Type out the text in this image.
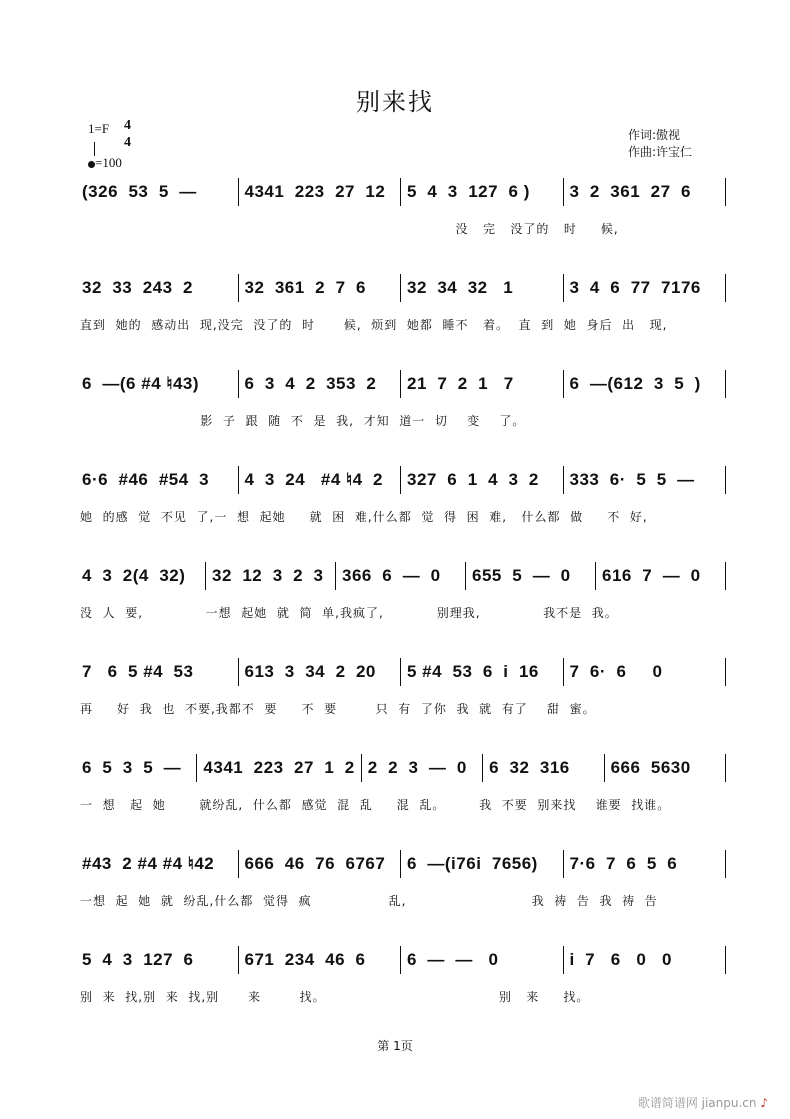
别来找
1=F	4
4
=100
作词:傲视
作曲:许宝仁
(326  53  5  —	4341  223  27  12	5  4  3  127  6 )	3  2  361  27  6
没   完   没了的   时     候,
32  33  243  2	32  361  2  7  6	32  34  32   1	3  4  6  77  7176
直到  她的  感动出  现,没完  没了的  时      候,  烦到  她都  睡不   着。  直  到  她  身后  出   现,
6  —(6 #4 ♮43)	6  3  4  2  353  2	21  7  2  1   7	6  —(612  3  5  )
影  子  跟  随  不  是  我,  才知  道一  切    变    了。
6·6  #46  #54  3	4  3  24   #4 ♮4  2	327  6  1  4  3  2	333  6·  5  5  —
她  的感  觉  不见  了,一  想  起她     就  困  难,什么都  觉  得  困  难,   什么都  做     不  好,
4  3  2(4  32)	32  12  3  2  3	366  6  —  0	655  5  —  0	616  7  —  0
没  人  要,             一想  起她  就  简  单,我疯了,           别理我,             我不是  我。
7   6  5 #4  53	613  3  34  2  20	5 #4  53  6  i  16	7  6·  6     0
再     好  我  也  不要,我都不  要     不  要        只  有  了你  我  就  有了    甜  蜜。
6  5  3  5  —	4341  223  27  1  2 2  2  3  —  0	6  32  316	666  5630
一  想   起  她       就纷乱,  什么都  感觉  混  乱     混  乱。       我  不要  别来找    谁要  找谁。
#43  2 #4 #4 ♮42	666  46  76  6767	6  —(i76i  7656)	7·6  7  6  5  6
一想  起  她  就  纷乱,什么都  觉得  疯                乱,                          我  祷  告  我  祷  告
5  4  3  127  6	671  234  46  6	6  —  —   0	i  7   6   0   0
别  来  找,别  来  找,别      来        找。                                    别   来     找。
第 1页
歌谱简谱网 jianpu.cn ♪
